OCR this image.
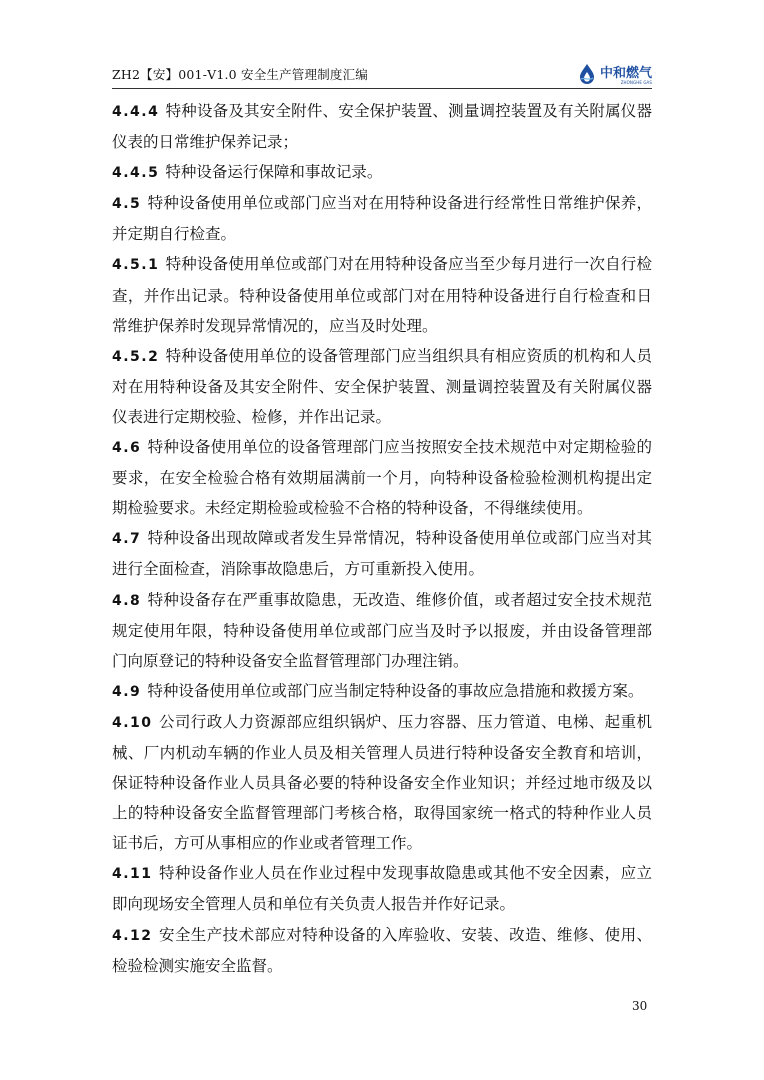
ZH2【安】001-V1.0 安全生产管理制度汇编	中和燃气
ZHONGHE GAS

4.4.4 特种设备及其安全附件、安全保护装置、测量调控装置及有关附属仪器仪表的日常维护保养记录；

4.4.5 特种设备运行保障和事故记录。

4.5 特种设备使用单位或部门应当对在用特种设备进行经常性日常维护保养，并定期自行检查。

4.5.1 特种设备使用单位或部门对在用特种设备应当至少每月进行一次自行检查，并作出记录。特种设备使用单位或部门对在用特种设备进行自行检查和日常维护保养时发现异常情况的，应当及时处理。

4.5.2 特种设备使用单位的设备管理部门应当组织具有相应资质的机构和人员对在用特种设备及其安全附件、安全保护装置、测量调控装置及有关附属仪器仪表进行定期校验、检修，并作出记录。

4.6 特种设备使用单位的设备管理部门应当按照安全技术规范中对定期检验的要求，在安全检验合格有效期届满前一个月，向特种设备检验检测机构提出定期检验要求。未经定期检验或检验不合格的特种设备，不得继续使用。

4.7 特种设备出现故障或者发生异常情况，特种设备使用单位或部门应当对其进行全面检查，消除事故隐患后，方可重新投入使用。

4.8 特种设备存在严重事故隐患，无改造、维修价值，或者超过安全技术规范规定使用年限，特种设备使用单位或部门应当及时予以报废，并由设备管理部门向原登记的特种设备安全监督管理部门办理注销。

4.9 特种设备使用单位或部门应当制定特种设备的事故应急措施和救援方案。

4.10 公司行政人力资源部应组织锅炉、压力容器、压力管道、电梯、起重机械、厂内机动车辆的作业人员及相关管理人员进行特种设备安全教育和培训，保证特种设备作业人员具备必要的特种设备安全作业知识；并经过地市级及以上的特种设备安全监督管理部门考核合格，取得国家统一格式的特种作业人员证书后，方可从事相应的作业或者管理工作。

4.11 特种设备作业人员在作业过程中发现事故隐患或其他不安全因素，应立即向现场安全管理人员和单位有关负责人报告并作好记录。

4.12 安全生产技术部应对特种设备的入库验收、安装、改造、维修、使用、检验检测实施安全监督。

30
